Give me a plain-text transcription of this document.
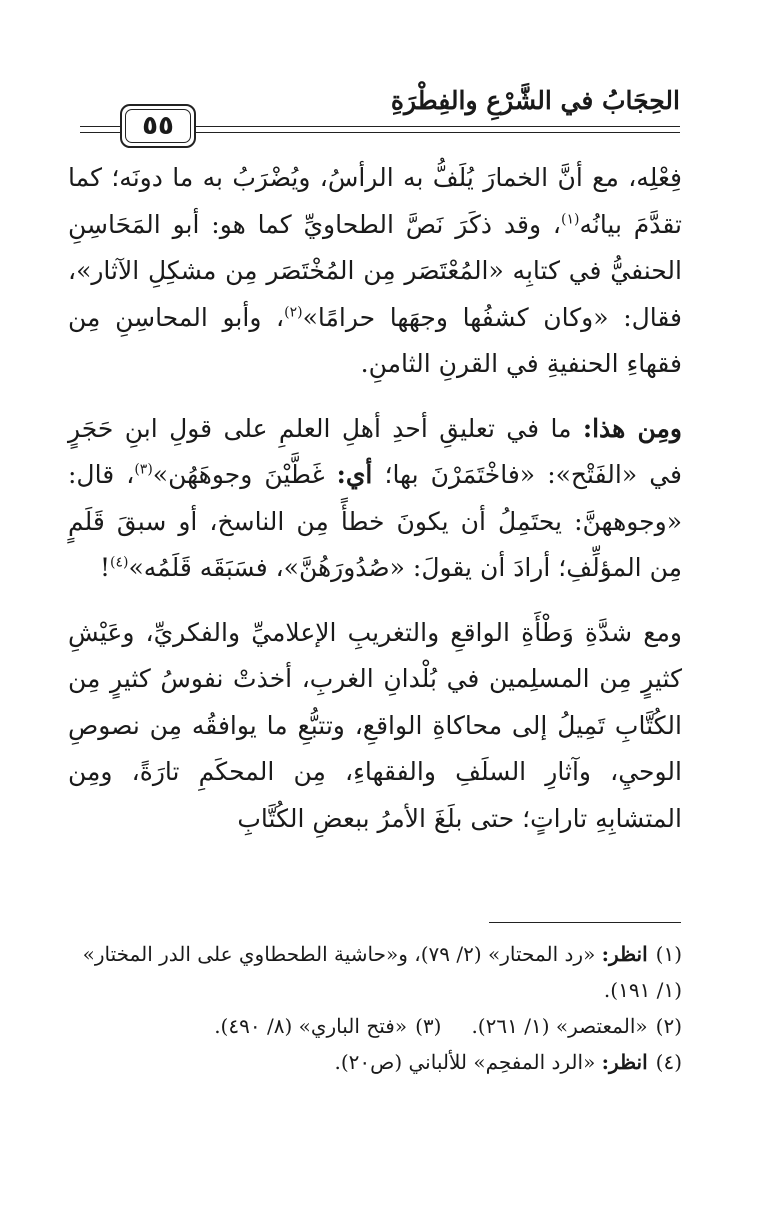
الحِجَابُ في الشَّرْعِ والفِطْرَةِ
٥٥

فِعْلِه، مع أنَّ الخمارَ يُلَفُّ به الرأسُ، ويُضْرَبُ به ما دونَه؛ كما تقدَّمَ بيانُه$^{(١)}$، وقد ذكَرَ نَصَّ الطحاويِّ كما هو: أبو المَحَاسِنِ الحنفيُّ في كتابِه «المُعْتَصَر مِن المُخْتَصَر مِن مشكِلِ الآثار»، فقال: «وكان كشفُها وجهَها حرامًا»$^{(٢)}$، وأبو المحاسِنِ مِن فقهاءِ الحنفيةِ في القرنِ الثامنِ.

ومِن هذا: ما في تعليقِ أحدِ أهلِ العلمِ على قولِ ابنِ حَجَرٍ في «الفَتْح»: «فاخْتَمَرْنَ بها؛ أي: غَطَّيْنَ وجوهَهُن»$^{(٣)}$، قال: «وجوههنَّ: يحتَمِلُ أن يكونَ خطأً مِن الناسخ، أو سبقَ قَلَمٍ مِن المؤلِّفِ؛ أرادَ أن يقولَ: «صُدُورَهُنَّ»، فسَبَقَه قَلَمُه»$^{(٤)}$!

ومع شدَّةِ وَطْأَةِ الواقعِ والتغريبِ الإعلاميِّ والفكريِّ، وعَيْشِ كثيرٍ مِن المسلِمين في بُلْدانِ الغربِ، أخذتْ نفوسُ كثيرٍ مِن الكُتَّابِ تَمِيلُ إلى محاكاةِ الواقعِ، وتتبُّعِ ما يوافقُه مِن نصوصِ الوحيِ، وآثارِ السلَفِ والفقهاءِ، مِن المحكَمِ تارَةً، ومِن المتشابِهِ تاراتٍ؛ حتى بلَغَ الأمرُ ببعضِ الكُتَّابِ

(١)انظر: «رد المحتار» (٢/ ٧٩)، و«حاشية الطحطاوي على الدر المختار» (١/ ١٩١).

(٢)«المعتصر» (١/ ٢٦١).

(٣)«فتح الباري» (٨/ ٤٩٠).

(٤)انظر: «الرد المفحِم» للألباني (ص٢٠).
